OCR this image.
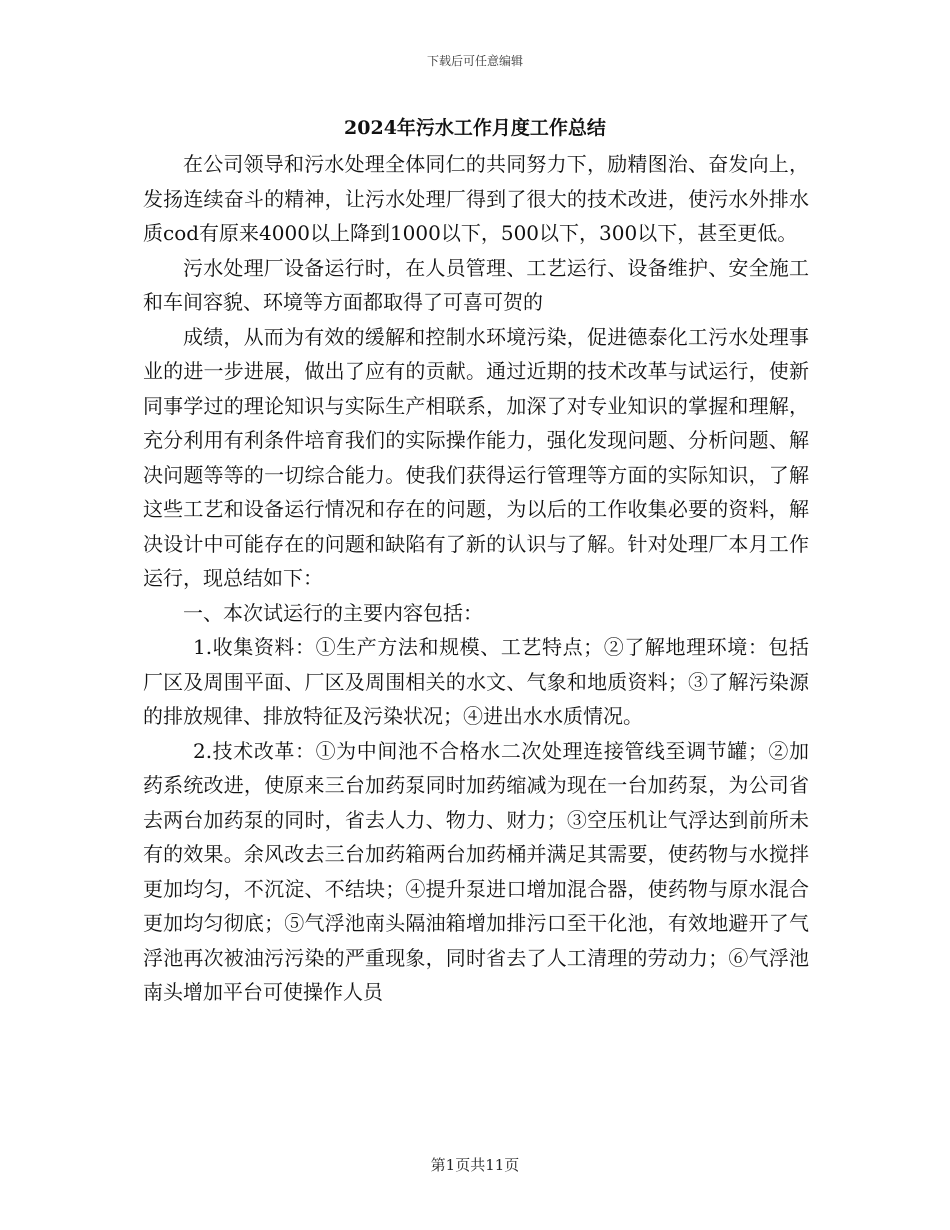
下载后可任意编辑
2024年污水工作月度工作总结

在公司领导和污水处理全体同仁的共同努力下，励精图治、奋发向上，发扬连续奋斗的精神，让污水处理厂得到了很大的技术改进，使污水外排水质cod有原来4000以上降到1000以下，500以下，300以下，甚至更低。

污水处理厂设备运行时，在人员管理、工艺运行、设备维护、安全施工和车间容貌、环境等方面都取得了可喜可贺的

成绩，从而为有效的缓解和控制水环境污染，促进德泰化工污水处理事业的进一步进展，做出了应有的贡献。通过近期的技术改革与试运行，使新同事学过的理论知识与实际生产相联系，加深了对专业知识的掌握和理解，充分利用有利条件培育我们的实际操作能力，强化发现问题、分析问题、解决问题等等的一切综合能力。使我们获得运行管理等方面的实际知识，了解这些工艺和设备运行情况和存在的问题，为以后的工作收集必要的资料，解决设计中可能存在的问题和缺陷有了新的认识与了解。针对处理厂本月工作运行，现总结如下：

一、本次试运行的主要内容包括：

1.收集资料：①生产方法和规模、工艺特点；②了解地理环境：包括厂区及周围平面、厂区及周围相关的水文、气象和地质资料；③了解污染源的排放规律、排放特征及污染状况；④进出水水质情况。

2.技术改革：①为中间池不合格水二次处理连接管线至调节罐；②加药系统改进，使原来三台加药泵同时加药缩减为现在一台加药泵，为公司省去两台加药泵的同时，省去人力、物力、财力；③空压机让气浮达到前所未有的效果。余风改去三台加药箱两台加药桶并满足其需要，使药物与水搅拌更加均匀，不沉淀、不结块；④提升泵进口增加混合器，使药物与原水混合更加均匀彻底；⑤气浮池南头隔油箱增加排污口至干化池，有效地避开了气浮池再次被油污污染的严重现象，同时省去了人工清理的劳动力；⑥气浮池南头增加平台可使操作人员

第1页共11页
